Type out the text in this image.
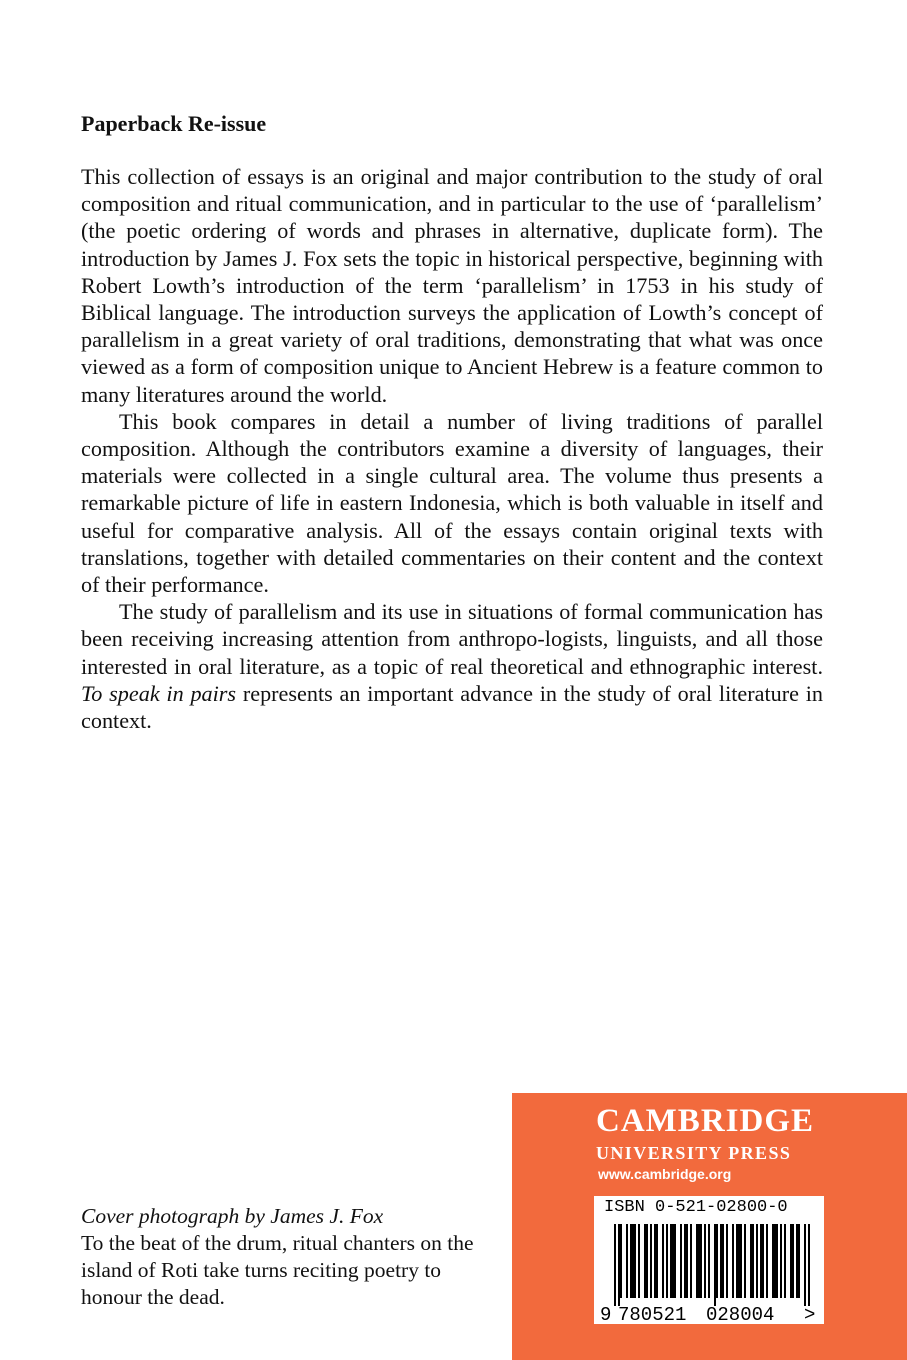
Paperback Re-issue

This collection of essays is an original and major contribution to the study of oral composition and ritual communication, and in particular to the use of ‘parallelism’ (the poetic ordering of words and phrases in alternative, duplicate form). The introduction by James J. Fox sets the topic in historical perspective, beginning with Robert Lowth’s introduction of the term ‘parallelism’ in 1753 in his study of Biblical language. The introduction surveys the application of Lowth’s concept of parallelism in a great variety of oral traditions, demonstrating that what was once viewed as a form of composition unique to Ancient Hebrew is a feature common to many literatures around the world.

This book compares in detail a number of living traditions of parallel composition. Although the contributors examine a diversity of languages, their materials were collected in a single cultural area. The volume thus presents a remarkable picture of life in eastern Indonesia, which is both valuable in itself and useful for comparative analysis. All of the essays contain original texts with translations, together with detailed commentaries on their content and the context of their performance.

The study of parallelism and its use in situations of formal communication has been receiving increasing attention from anthropo-logists, linguists, and all those interested in oral literature, as a topic of real theoretical and ethnographic interest. To speak in pairs represents an important advance in the study of oral literature in context.

Cover photograph by James J. Fox
To the beat of the drum, ritual chanters on the island of Roti take turns reciting poetry to honour the dead.
CAMBRIDGE
UNIVERSITY PRESS
www.cambridge.org
ISBN 0-521-02800-0
9 780521 028004 >
